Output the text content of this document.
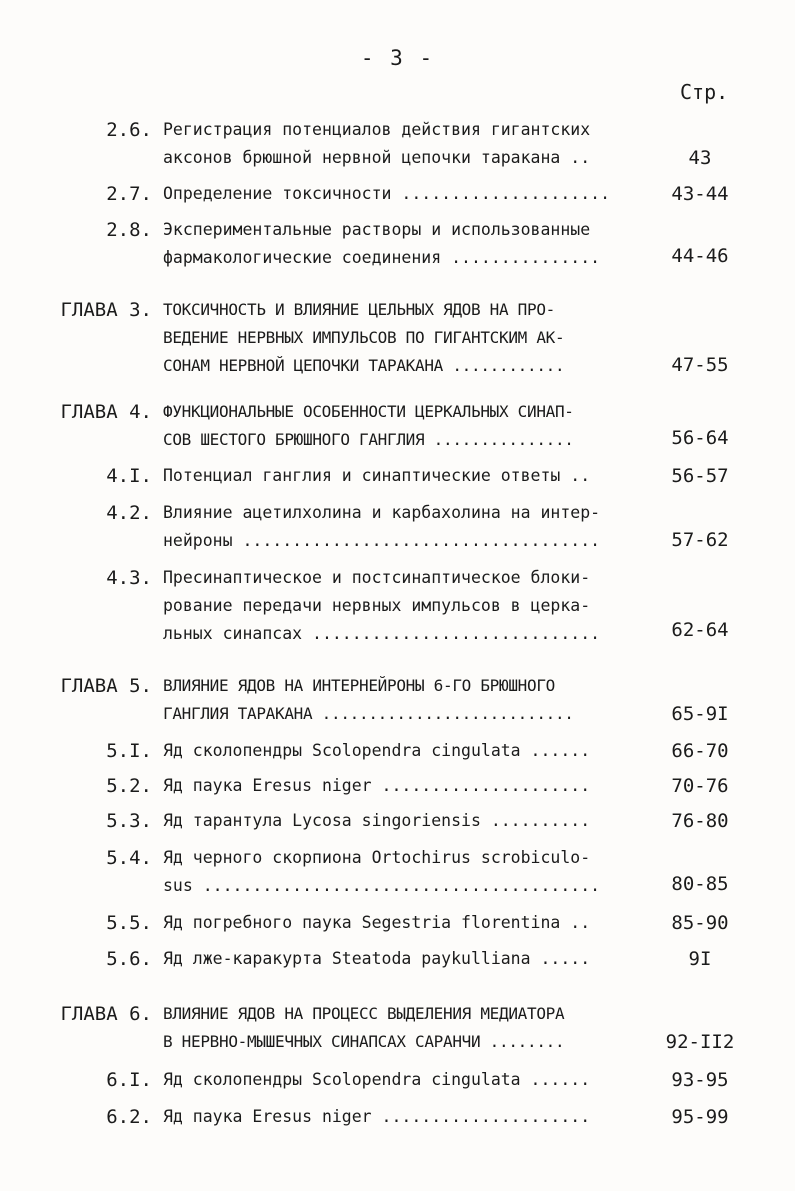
- 3 -
Стр.
2.6. Регистрация потенциалов действия гигантских
аксонов брюшной нервной цепочки таракана ..	43
2.7. Определение токсичности .....................	43-44
2.8. Экспериментальные растворы и использованные
фармакологические соединения ...............	44-46
ГЛАВА 3. ТОКСИЧНОСТЬ И ВЛИЯНИЕ ЦЕЛЬНЫХ ЯДОВ НА ПРО-
ВЕДЕНИЕ НЕРВНЫХ ИМПУЛЬСОВ ПО ГИГАНТСКИМ АК-
СОНАМ НЕРВНОЙ ЦЕПОЧКИ ТАРАКАНА ............	47-55
ГЛАВА 4. ФУНКЦИОНАЛЬНЫЕ ОСОБЕННОСТИ ЦЕРКАЛЬНЫХ СИНАП-
СОВ ШЕСТОГО БРЮШНОГО ГАНГЛИЯ ...............	56-64
4.I. Потенциал ганглия и синаптические ответы ..	56-57
4.2. Влияние ацетилхолина и карбахолина на интер-
нейроны ....................................	57-62
4.3. Пресинаптическое и постсинаптическое блоки-
рование передачи нервных импульсов в церка-
льных синапсах .............................	62-64
ГЛАВА 5. ВЛИЯНИЕ ЯДОВ НА ИНТЕРНЕЙРОНЫ 6-ГО БРЮШНОГО
ГАНГЛИЯ ТАРАКАНА ...........................	65-9I
5.I. Яд сколопендры Scolopendra cingulata ......	66-70
5.2. Яд паука Eresus niger .....................	70-76
5.3. Яд тарантула Lycosa singoriensis ..........	76-80
5.4. Яд черного скорпиона Ortochirus scrobiculo-
sus ........................................	80-85
5.5. Яд погребного паука Segestria florentina ..	85-90
5.6. Яд лже-каракурта Steatoda paykulliana .....	9I
ГЛАВА 6. ВЛИЯНИЕ ЯДОВ НА ПРОЦЕСС ВЫДЕЛЕНИЯ МЕДИАТОРА
В НЕРВНО-МЫШЕЧНЫХ СИНАПСАХ САРАНЧИ ........	92-II2
6.I. Яд сколопендры Scolopendra cingulata ......	93-95
6.2. Яд паука Eresus niger .....................	95-99
